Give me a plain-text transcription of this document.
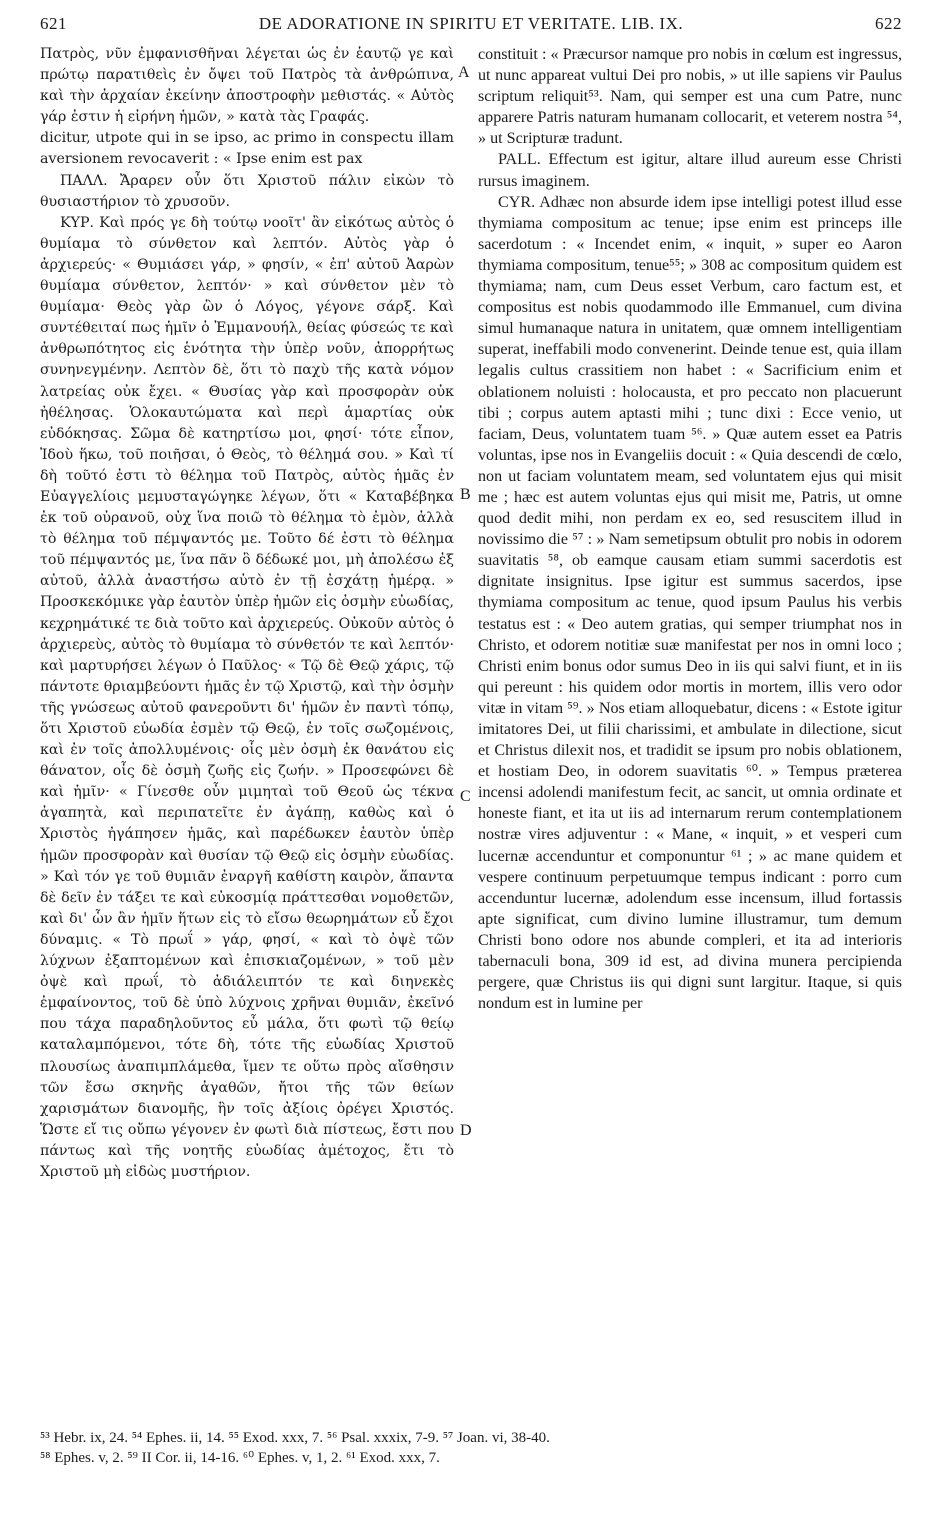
621	DE ADORATIONE IN SPIRITU ET VERITATE. LIB. IX.	622

Πατρὸς, νῦν ἐμφανισθῆναι λέγεται ὡς ἐν ἑαυτῷ γε καὶ πρώτῳ παρατιθεὶς ἐν ὄψει τοῦ Πατρὸς τὰ ἀνθρώπινα, καὶ τὴν ἀρχαίαν ἐκείνην ἀποστροφὴν μεθιστάς. « Αὐτὸς γάρ ἐστιν ἡ εἰρήνη ἡμῶν, » κατὰ τὰς Γραφάς.

dicitur, utpote qui in se ipso, ac primo in conspectu illam aversionem revocaverit : « Ipse enim est pax

ΠΑΛΛ. Ἄραρεν οὖν ὅτι Χριστοῦ πάλιν εἰκὼν τὸ θυσιαστήριον τὸ χρυσοῦν.

ΚΥΡ. Καὶ πρός γε δὴ τούτῳ νοοῖτ' ἂν εἰκότως αὐτὸς ὁ θυμίαμα τὸ σύνθετον καὶ λεπτόν. Αὐτὸς γὰρ ὁ ἀρχιερεύς· « Θυμιάσει γάρ, » φησίν, « ἐπ' αὐτοῦ Ἀαρὼν θυμίαμα σύνθετον, λεπτόν· » καὶ σύνθετον μὲν τὸ θυμίαμα· Θεὸς γὰρ ὢν ὁ Λόγος, γέγονε σάρξ. Καὶ συντέθειταί πως ἡμῖν ὁ Ἐμμανουήλ, θείας φύσεώς τε καὶ ἀνθρωπότητος εἰς ἑνότητα τὴν ὑπὲρ νοῦν, ἀπορρήτως συνηνεγμένην. Λεπτὸν δὲ, ὅτι τὸ παχὺ τῆς κατὰ νόμον λατρείας οὐκ ἔχει. « Θυσίας γὰρ καὶ προσφορὰν οὐκ ἠθέλησας. Ὁλοκαυτώματα καὶ περὶ ἁμαρτίας οὐκ εὐδόκησας. Σῶμα δὲ κατηρτίσω μοι, φησί· τότε εἶπον, Ἰδοὺ ἥκω, τοῦ ποιῆσαι, ὁ Θεὸς, τὸ θέλημά σου. » Καὶ τί δὴ τοῦτό ἐστι τὸ θέλημα τοῦ Πατρὸς, αὐτὸς ἡμᾶς ἐν Εὐαγγελίοις μεμυσταγώγηκε λέγων, ὅτι « Καταβέβηκα ἐκ τοῦ οὐρανοῦ, οὐχ ἵνα ποιῶ τὸ θέλημα τὸ ἐμὸν, ἀλλὰ τὸ θέλημα τοῦ πέμψαντός με. Τοῦτο δέ ἐστι τὸ θέλημα τοῦ πέμψαντός με, ἵνα πᾶν ὃ δέδωκέ μοι, μὴ ἀπολέσω ἐξ αὐτοῦ, ἀλλὰ ἀναστήσω αὐτὸ ἐν τῇ ἐσχάτῃ ἡμέρᾳ. » Προσκεκόμικε γὰρ ἑαυτὸν ὑπὲρ ἡμῶν εἰς ὀσμὴν εὐωδίας, κεχρημάτικέ τε διὰ τοῦτο καὶ ἀρχιερεύς. Οὐκοῦν αὐτὸς ὁ ἀρχιερεὺς, αὐτὸς τὸ θυμίαμα τὸ σύνθετόν τε καὶ λεπτόν· καὶ μαρτυρήσει λέγων ὁ Παῦλος· « Τῷ δὲ Θεῷ χάρις, τῷ πάντοτε θριαμβεύοντι ἡμᾶς ἐν τῷ Χριστῷ, καὶ τὴν ὀσμὴν τῆς γνώσεως αὐτοῦ φανεροῦντι δι' ἡμῶν ἐν παντὶ τόπῳ, ὅτι Χριστοῦ εὐωδία ἐσμὲν τῷ Θεῷ, ἐν τοῖς σωζομένοις, καὶ ἐν τοῖς ἀπολλυμένοις· οἷς μὲν ὀσμὴ ἐκ θανάτου εἰς θάνατον, οἷς δὲ ὀσμὴ ζωῆς εἰς ζωήν. » Προσεφώνει δὲ καὶ ἡμῖν· « Γίνεσθε οὖν μιμηταὶ τοῦ Θεοῦ ὡς τέκνα ἀγαπητὰ, καὶ περιπατεῖτε ἐν ἀγάπῃ, καθὼς καὶ ὁ Χριστὸς ἠγάπησεν ἡμᾶς, καὶ παρέδωκεν ἑαυτὸν ὑπὲρ ἡμῶν προσφορὰν καὶ θυσίαν τῷ Θεῷ εἰς ὀσμὴν εὐωδίας. » Καὶ τόν γε τοῦ θυμιᾶν ἐναργῆ καθίστη καιρὸν, ἅπαντα δὲ δεῖν ἐν τάξει τε καὶ εὐκοσμίᾳ πράττεσθαι νομοθετῶν, καὶ δι' ὧν ἂν ἡμῖν ἥτων εἰς τὸ εἴσω θεωρημάτων εὖ ἔχοι δύναμις. « Τὸ πρωΐ » γάρ, φησί, « καὶ τὸ ὀψὲ τῶν λύχνων ἐξαπτομένων καὶ ἐπισκιαζομένων, » τοῦ μὲν ὀψὲ καὶ πρωΐ, τὸ ἀδιάλειπτόν τε καὶ διηνεκὲς ἐμφαίνοντος, τοῦ δὲ ὑπὸ λύχνοις χρῆναι θυμιᾶν, ἐκεῖνό που τάχα παραδηλοῦντος εὖ μάλα, ὅτι φωτὶ τῷ θείῳ καταλαμπόμενοι, τότε δὴ, τότε τῆς εὐωδίας Χριστοῦ πλουσίως ἀναπιμπλάμεθα, ἴμεν τε οὕτω πρὸς αἴσθησιν τῶν ἔσω σκηνῆς ἀγαθῶν, ἤτοι τῆς τῶν θείων χαρισμάτων διανομῆς, ἣν τοῖς ἀξίοις ὀρέγει Χριστός. Ὥστε εἴ τις οὔπω γέγονεν ἐν φωτὶ διὰ πίστεως, ἔστι που πάντως καὶ τῆς νοητῆς εὐωδίας ἀμέτοχος, ἔτι τὸ Χριστοῦ μὴ εἰδὼς μυστήριον.

A
B
C
D

constituit : « Præcursor namque pro nobis in cœlum est ingressus, ut nunc appareat vultui Dei pro nobis, » ut ille sapiens vir Paulus scriptum reliquit⁵³. Nam, qui semper est una cum Patre, nunc apparere Patris naturam humanam collocarit, et veterem nostra ⁵⁴, » ut Scripturæ tradunt.

PALL. Effectum est igitur, altare illud aureum esse Christi rursus imaginem.

CYR. Adhæc non absurde idem ipse intelligi potest illud esse thymiama compositum ac tenue; ipse enim est princeps ille sacerdotum : « Incendet enim, « inquit, » super eo Aaron thymiama compositum, tenue⁵⁵; » 308 ac compositum quidem est thymiama; nam, cum Deus esset Verbum, caro factum est, et compositus est nobis quodammodo ille Emmanuel, cum divina simul humanaque natura in unitatem, quæ omnem intelligentiam superat, ineffabili modo convenerint. Deinde tenue est, quia illam legalis cultus crassitiem non habet : « Sacrificium enim et oblationem noluisti : holocausta, et pro peccato non placuerunt tibi ; corpus autem aptasti mihi ; tunc dixi : Ecce venio, ut faciam, Deus, voluntatem tuam ⁵⁶. » Quæ autem esset ea Patris voluntas, ipse nos in Evangeliis docuit : « Quia descendi de cœlo, non ut faciam voluntatem meam, sed voluntatem ejus qui misit me ; hæc est autem voluntas ejus qui misit me, Patris, ut omne quod dedit mihi, non perdam ex eo, sed resuscitem illud in novissimo die ⁵⁷ : » Nam semetipsum obtulit pro nobis in odorem suavitatis ⁵⁸, ob eamque causam etiam summi sacerdotis est dignitate insignitus. Ipse igitur est summus sacerdos, ipse thymiama compositum ac tenue, quod ipsum Paulus his verbis testatus est : « Deo autem gratias, qui semper triumphat nos in Christo, et odorem notitiæ suæ manifestat per nos in omni loco ; Christi enim bonus odor sumus Deo in iis qui salvi fiunt, et in iis qui pereunt : his quidem odor mortis in mortem, illis vero odor vitæ in vitam ⁵⁹. » Nos etiam alloquebatur, dicens : « Estote igitur imitatores Dei, ut filii charissimi, et ambulate in dilectione, sicut et Christus dilexit nos, et tradidit se ipsum pro nobis oblationem, et hostiam Deo, in odorem suavitatis ⁶⁰. » Tempus præterea incensi adolendi manifestum fecit, ac sancit, ut omnia ordinate et honeste fiant, et ita ut iis ad internarum rerum contemplationem nostræ vires adjuventur : « Mane, « inquit, » et vesperi cum lucernæ accenduntur et componuntur ⁶¹ ; » ac mane quidem et vespere continuum perpetuumque tempus indicant : porro cum accenduntur lucernæ, adolendum esse incensum, illud fortassis apte significat, cum divino lumine illustramur, tum demum Christi bono odore nos abunde compleri, et ita ad interioris tabernaculi bona, 309 id est, ad divina munera percipienda pergere, quæ Christus iis qui digni sunt largitur. Itaque, si quis nondum est in lumine per

⁵³ Hebr. ix, 24. ⁵⁴ Ephes. ii, 14. ⁵⁵ Exod. xxx, 7. ⁵⁶ Psal. xxxix, 7-9. ⁵⁷ Joan. vi, 38-40.
⁵⁸ Ephes. v, 2. ⁵⁹ II Cor. ii, 14-16. ⁶⁰ Ephes. v, 1, 2. ⁶¹ Exod. xxx, 7.
